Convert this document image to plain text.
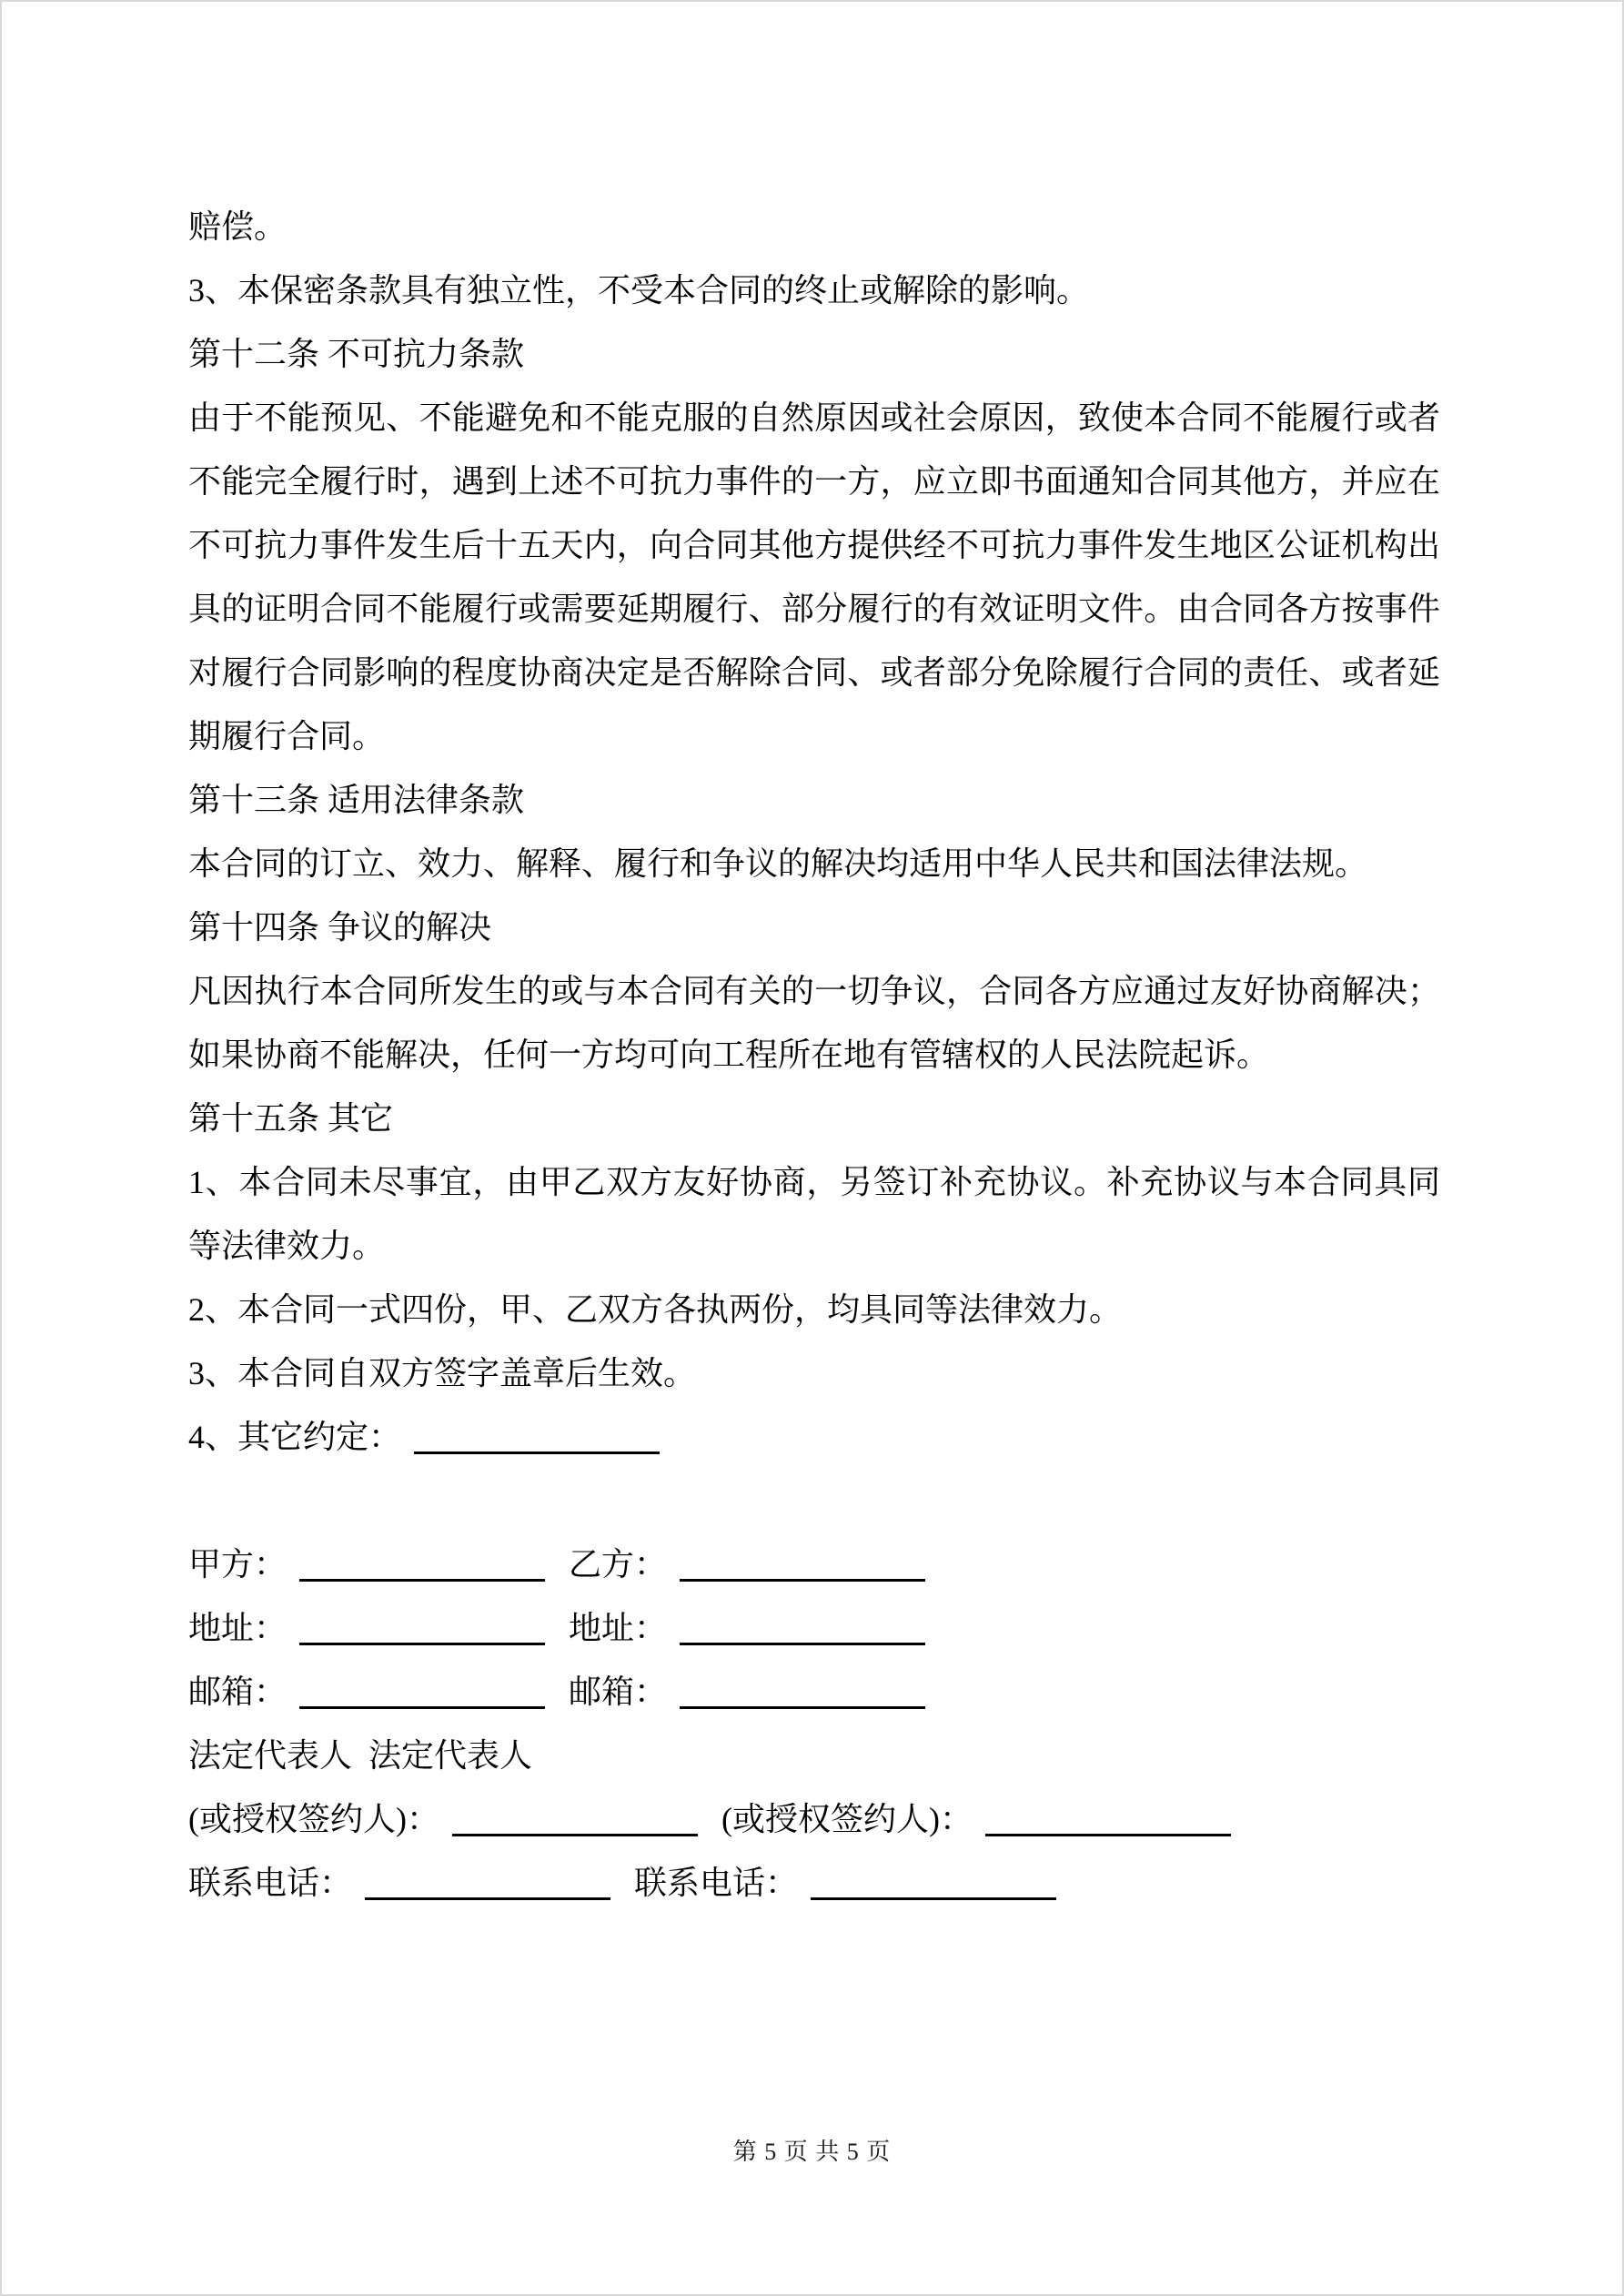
赔偿。
3、本保密条款具有独立性，不受本合同的终止或解除的影响。
第十二条 不可抗力条款
由于不能预见、不能避免和不能克服的自然原因或社会原因，致使本合同不能履行或者
不能完全履行时，遇到上述不可抗力事件的一方，应立即书面通知合同其他方，并应在
不可抗力事件发生后十五天内，向合同其他方提供经不可抗力事件发生地区公证机构出
具的证明合同不能履行或需要延期履行、部分履行的有效证明文件。由合同各方按事件
对履行合同影响的程度协商决定是否解除合同、或者部分免除履行合同的责任、或者延
期履行合同。
第十三条 适用法律条款
本合同的订立、效力、解释、履行和争议的解决均适用中华人民共和国法律法规。
第十四条 争议的解决
凡因执行本合同所发生的或与本合同有关的一切争议，合同各方应通过友好协商解决；
如果协商不能解决，任何一方均可向工程所在地有管辖权的人民法院起诉。
第十五条 其它
1、本合同未尽事宜，由甲乙双方友好协商，另签订补充协议。补充协议与本合同具同
等法律效力。
2、本合同一式四份，甲、乙双方各执两份，均具同等法律效力。
3、本合同自双方签字盖章后生效。
4、其它约定：
甲方：	乙方：
地址：	地址：
邮箱：	邮箱：
法定代表人 法定代表人
(或授权签约人)：	(或授权签约人)：
联系电话：	联系电话：
第 5 页 共 5 页
